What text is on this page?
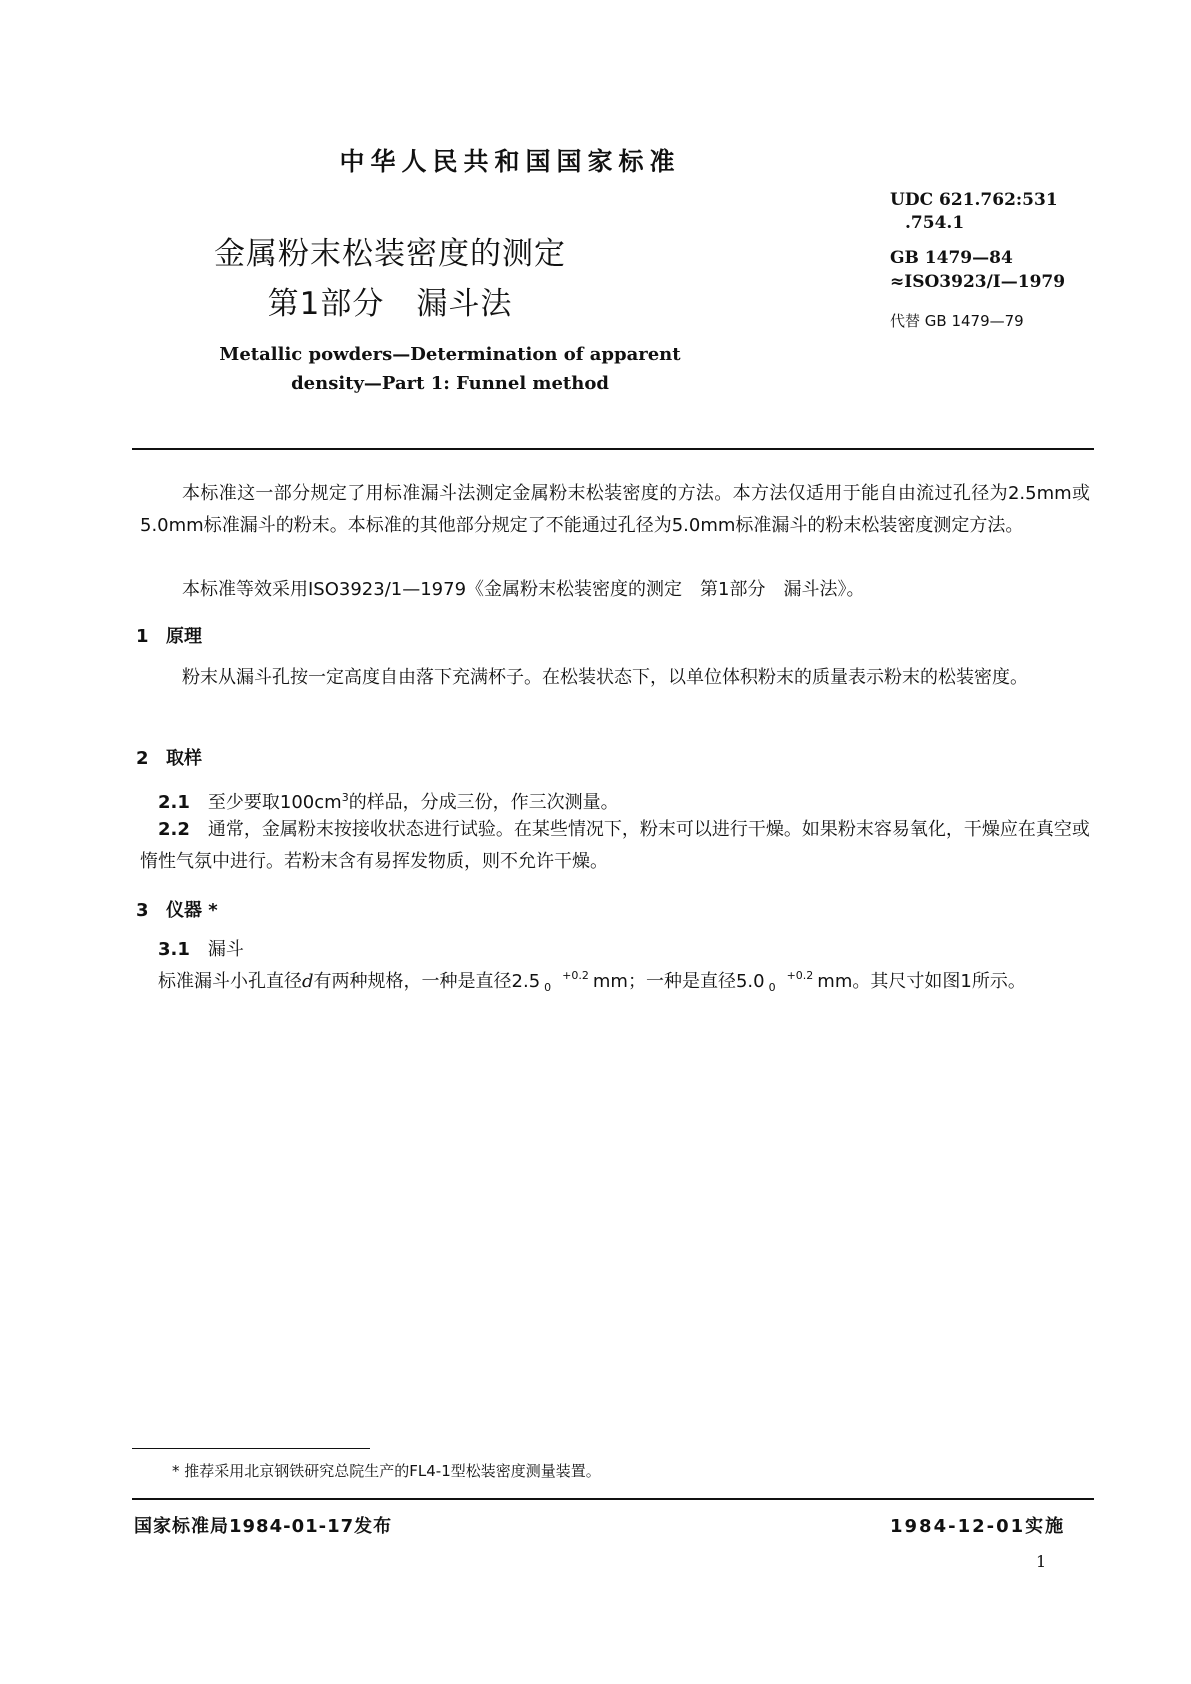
中华人民共和国国家标准
金属粉末松装密度的测定
第1部分　漏斗法
Metallic powders—Determination of apparent
density—Part 1: Funnel method
UDC 621.762:531
.754.1
GB 1479—84
≈ISO3923/I—1979
代替 GB 1479—79
本标准这一部分规定了用标准漏斗法测定金属粉末松装密度的方法。本方法仅适用于能自由流过孔径为2.5mm或5.0mm标准漏斗的粉末。本标准的其他部分规定了不能通过孔径为5.0mm标准漏斗的粉末松装密度测定方法。
本标准等效采用ISO3923/1—1979《金属粉末松装密度的测定　第1部分　漏斗法》。
1 原理
粉末从漏斗孔按一定高度自由落下充满杯子。在松装状态下，以单位体积粉末的质量表示粉末的松装密度。
2 取样
2.1 至少要取$100cm^3$的样品，分成三份，作三次测量。
2.2 通常，金属粉末按接收状态进行试验。在某些情况下，粉末可以进行干燥。如果粉末容易氧化，干燥应在真空或惰性气氛中进行。若粉末含有易挥发物质，则不允许干燥。
3 仪器 *
3.1 漏斗
标准漏斗小孔直径d有两种规格，一种是直径2.5 +0.2
0 mm；一种是直径5.0 +0.2
0 mm。其尺寸如图1所示。
* 推荐采用北京钢铁研究总院生产的FL4-1型松装密度测量装置。
国家标准局1984-01-17发布	1984-12-01实施
1
